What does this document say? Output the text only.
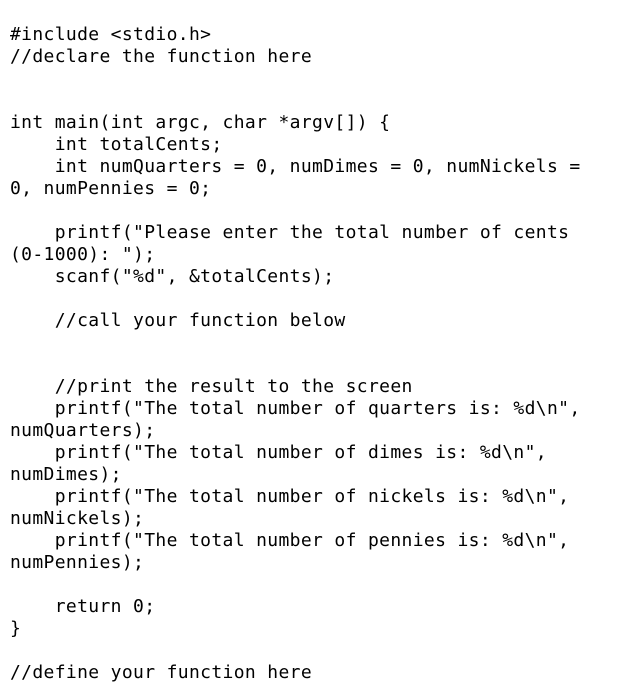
#include <stdio.h>
//declare the function here
int main(int argc, char *argv[]) {
int totalCents;
int numQuarters = 0, numDimes = 0, numNickels =
0, numPennies = 0;
printf("Please enter the total number of cents
(0-1000): ");
scanf("%d", &totalCents);
//call your function below
//print the result to the screen
printf("The total number of quarters is: %d\n",
numQuarters);
printf("The total number of dimes is: %d\n",
numDimes);
printf("The total number of nickels is: %d\n",
numNickels);
printf("The total number of pennies is: %d\n",
numPennies);
return 0;
}
//define your function here
